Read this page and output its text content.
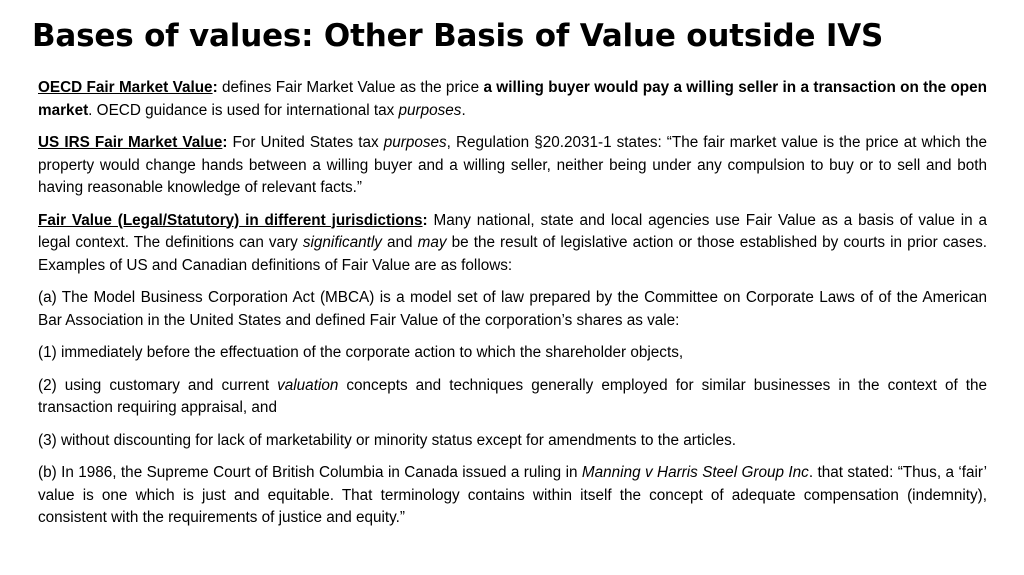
Bases of values: Other Basis of Value outside IVS

OECD Fair Market Value: defines Fair Market Value as the price a willing buyer would pay a willing seller in a transaction on the open market. OECD guidance is used for international tax purposes.

US IRS Fair Market Value: For United States tax purposes, Regulation §20.2031-1 states: “The fair market value is the price at which the property would change hands between a willing buyer and a willing seller, neither being under any compulsion to buy or to sell and both having reasonable knowledge of relevant facts.”

Fair Value (Legal/Statutory) in different jurisdictions: Many national, state and local agencies use Fair Value as a basis of value in a legal context. The definitions can vary significantly and may be the result of legislative action or those established by courts in prior cases. Examples of US and Canadian definitions of Fair Value are as follows:

(a) The Model Business Corporation Act (MBCA) is a model set of law prepared by the Committee on Corporate Laws of of the American Bar Association in the United States and defined Fair Value of the corporation’s shares as vale:

(1) immediately before the effectuation of the corporate action to which the shareholder objects,

(2) using customary and current valuation concepts and techniques generally employed for similar businesses in the context of the transaction requiring appraisal, and

(3) without discounting for lack of marketability or minority status except for amendments to the articles.

(b) In 1986, the Supreme Court of British Columbia in Canada issued a ruling in Manning v Harris Steel Group Inc. that stated: “Thus, a ‘fair’ value is one which is just and equitable. That terminology contains within itself the concept of adequate compensation (indemnity), consistent with the requirements of justice and equity.”
